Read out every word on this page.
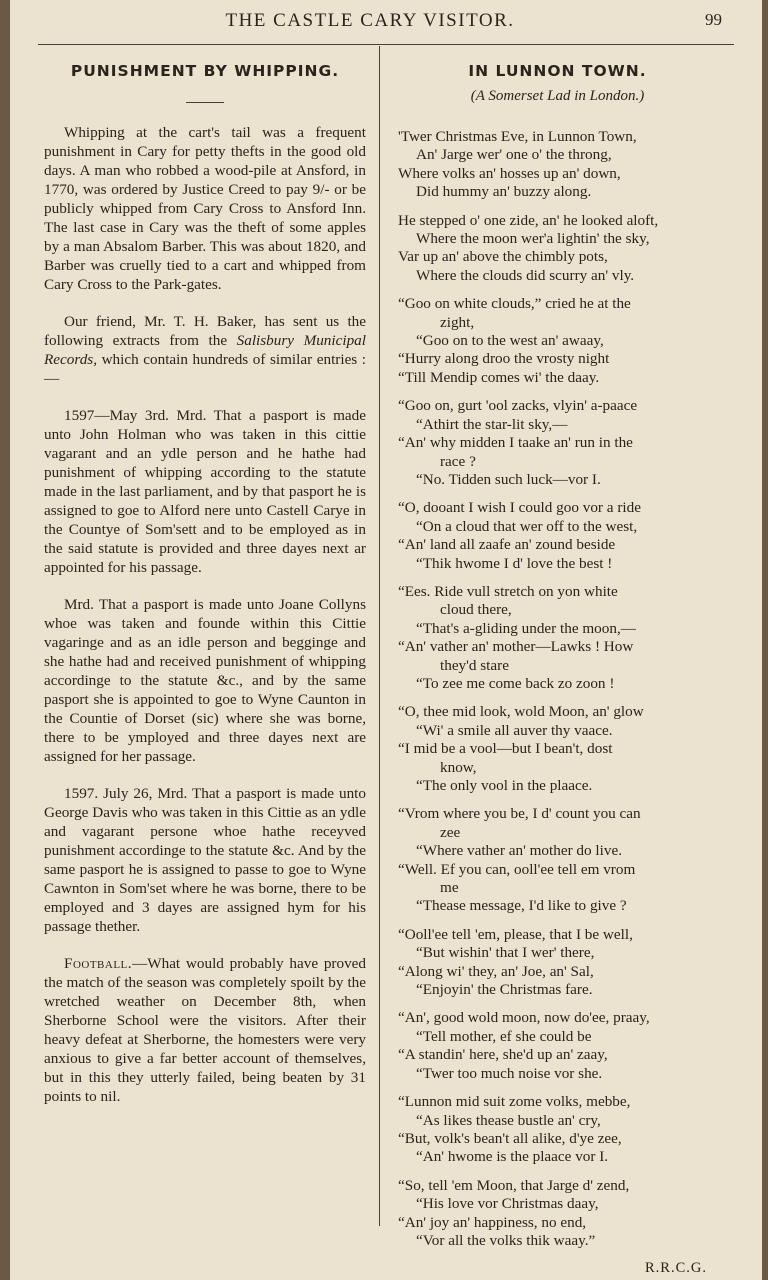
THE CASTLE CARY VISITOR.	99
PUNISHMENT BY WHIPPING.

Whipping at the cart's tail was a frequent punishment in Cary for petty thefts in the good old days. A man who robbed a wood-pile at Ansford, in 1770, was ordered by Justice Creed to pay 9/- or be publicly whipped from Cary Cross to Ansford Inn. The last case in Cary was the theft of some apples by a man Absalom Barber. This was about 1820, and Barber was cruelly tied to a cart and whipped from Cary Cross to the Park-gates.

Our friend, Mr. T. H. Baker, has sent us the following extracts from the Salisbury Municipal Records, which contain hundreds of similar entries :—

1597—May 3rd. Mrd. That a pasport is made unto John Holman who was taken in this cittie vagarant and an ydle person and he hathe had punishment of whipping according to the statute made in the last parliament, and by that pasport he is assigned to goe to Alford nere unto Castell Carye in the Countye of Som'sett and to be employed as in the said statute is provided and three dayes next ar appointed for his passage.

Mrd. That a pasport is made unto Joane Collyns whoe was taken and founde within this Cittie vagaringe and as an idle person and begginge and she hathe had and received punishment of whipping accordinge to the statute &c., and by the same pasport she is appointed to goe to Wyne Caunton in the Countie of Dorset (sic) where she was borne, there to be ymployed and three dayes next are assigned for her passage.

1597. July 26, Mrd. That a pasport is made unto George Davis who was taken in this Cittie as an ydle and vagarant persone whoe hathe receyved punishment accordinge to the statute &c. And by the same pasport he is assigned to passe to goe to Wyne Cawnton in Som'set where he was borne, there to be employed and 3 dayes are assigned hym for his passage thether.

Football.—What would probably have proved the match of the season was completely spoilt by the wretched weather on December 8th, when Sherborne School were the visitors. After their heavy defeat at Sherborne, the homesters were very anxious to give a far better account of themselves, but in this they utterly failed, being beaten by 31 points to nil.

IN LUNNON TOWN.
(A Somerset Lad in London.)
'Twer Christmas Eve, in Lunnon Town,
An' Jarge wer' one o' the throng,
Where volks an' hosses up an' down,
Did hummy an' buzzy along.
He stepped o' one zide, an' he looked aloft,
Where the moon wer'a lightin' the sky,
Var up an' above the chimbly pots,
Where the clouds did scurry an' vly.
“Goo on white clouds,” cried he at the
zight,
“Goo on to the west an' awaay,
“Hurry along droo the vrosty night
“Till Mendip comes wi' the daay.
“Goo on, gurt 'ool zacks, vlyin' a-paace
“Athirt the star-lit sky,—
“An' why midden I taake an' run in the
race ?
“No. Tidden such luck—vor I.
“O, dooant I wish I could goo vor a ride
“On a cloud that wer off to the west,
“An' land all zaafe an' zound beside
“Thik hwome I d' love the best !
“Ees. Ride vull stretch on yon white
cloud there,
“That's a-gliding under the moon,—
“An' vather an' mother—Lawks ! How
they'd stare
“To zee me come back zo zoon !
“O, thee mid look, wold Moon, an' glow
“Wi' a smile all auver thy vaace.
“I mid be a vool—but I bean't, dost
know,
“The only vool in the plaace.
“Vrom where you be, I d' count you can
zee
“Where vather an' mother do live.
“Well. Ef you can, ooll'ee tell em vrom
me
“Thease message, I'd like to give ?
“Ooll'ee tell 'em, please, that I be well,
“But wishin' that I wer' there,
“Along wi' they, an' Joe, an' Sal,
“Enjoyin' the Christmas fare.
“An', good wold moon, now do'ee, praay,
“Tell mother, ef she could be
“A standin' here, she'd up an' zaay,
“Twer too much noise vor she.
“Lunnon mid suit zome volks, mebbe,
“As likes thease bustle an' cry,
“But, volk's bean't all alike, d'ye zee,
“An' hwome is the plaace vor I.
“So, tell 'em Moon, that Jarge d' zend,
“His love vor Christmas daay,
“An' joy an' happiness, no end,
“Vor all the volks thik waay.”
R.R.C.G.
